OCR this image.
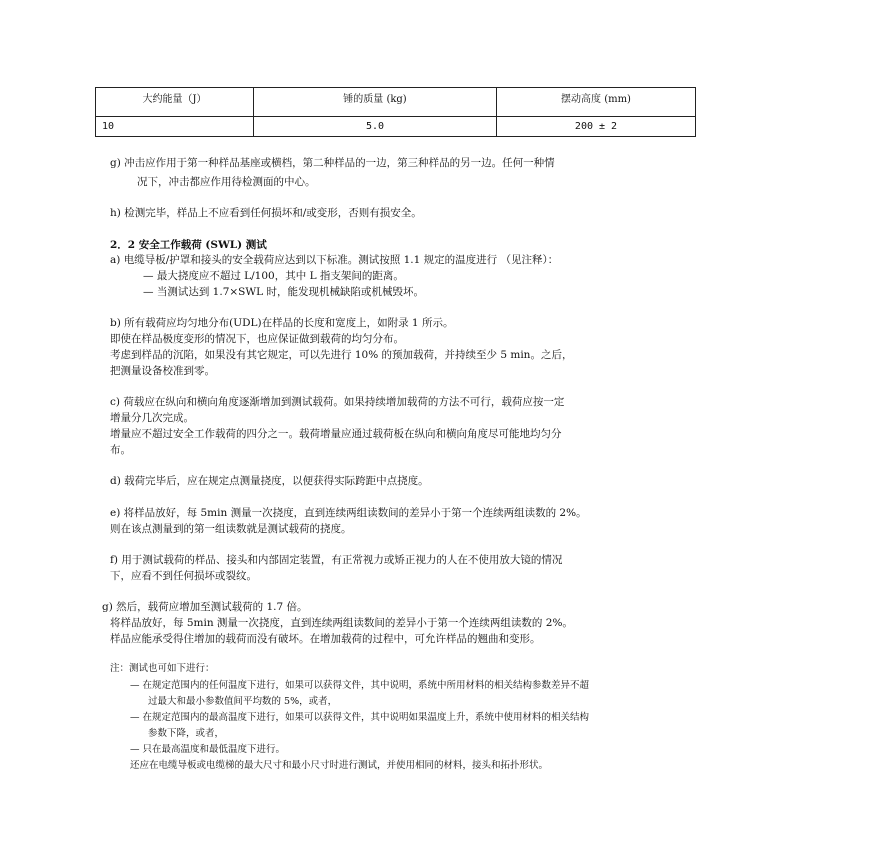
大约能量（J）	锤的质量 (kg)	摆动高度 (mm)
10	5.0	200 ± 2
g) 冲击应作用于第一种样品基座或横档，第二种样品的一边，第三种样品的另一边。任何一种情
况下，冲击都应作用待检测面的中心。
h) 检测完毕，样品上不应看到任何损坏和/或变形，否则有损安全。
2．2 安全工作载荷 (SWL) 测试
a) 电缆导板/护罩和接头的安全载荷应达到以下标准。测试按照 1.1 规定的温度进行 （见注释）：
— 最大挠度应不超过 L/100，其中 L 指支架间的距离。
— 当测试达到 1.7×SWL 时，能发现机械缺陷或机械毁坏。
b) 所有载荷应均匀地分布(UDL)在样品的长度和宽度上，如附录 1 所示。
即使在样品极度变形的情况下，也应保证做到载荷的均匀分布。
考虑到样品的沉陷，如果没有其它规定，可以先进行 10% 的预加载荷，并持续至少 5 min。之后，
把测量设备校准到零。
c) 荷载应在纵向和横向角度逐渐增加到测试载荷。如果持续增加载荷的方法不可行，载荷应按一定
增量分几次完成。
增量应不超过安全工作载荷的四分之一。载荷增量应通过载荷板在纵向和横向角度尽可能地均匀分
布。
d) 载荷完毕后，应在规定点测量挠度，以便获得实际跨距中点挠度。
e) 将样品放好，每 5min 测量一次挠度，直到连续两组读数间的差异小于第一个连续两组读数的 2%。
则在该点测量到的第一组读数就是测试载荷的挠度。
f) 用于测试载荷的样品、接头和内部固定装置，有正常视力或矫正视力的人在不使用放大镜的情况
下，应看不到任何损坏或裂纹。
g) 然后，载荷应增加至测试载荷的 1.7 倍。
将样品放好，每 5min 测量一次挠度，直到连续两组读数间的差异小于第一个连续两组读数的 2%。
样品应能承受得住增加的载荷而没有破坏。在增加载荷的过程中，可允许样品的翘曲和变形。
注：测试也可如下进行：
— 在规定范围内的任何温度下进行，如果可以获得文件，其中说明，系统中所用材料的相关结构参数差异不超
过最大和最小参数值间平均数的 5%，或者，
— 在规定范围内的最高温度下进行，如果可以获得文件，其中说明如果温度上升，系统中使用材料的相关结构
参数下降，或者，
— 只在最高温度和最低温度下进行。
还应在电缆导板或电缆梯的最大尺寸和最小尺寸时进行测试，并使用相同的材料，接头和拓扑形状。
